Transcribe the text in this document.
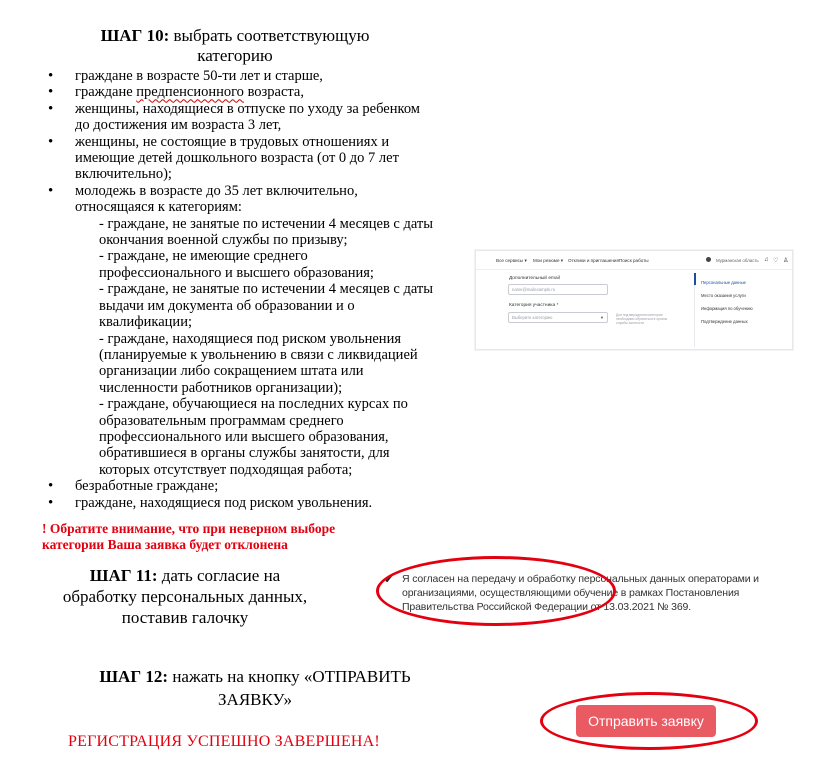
ШАГ 10: выбрать соответствующую
категорию
• граждане в возрасте 50-ти лет и старше,
• граждане предпенсионного возраста,
• женщины, находящиеся в отпуске по уходу за ребенком до достижения им возраста 3 лет,
• женщины, не состоящие в трудовых отношениях и имеющие детей дошкольного возраста (от 0 до 7 лет включительно);
• молодежь в возрасте до 35 лет включительно, относящаяся к категориям:
- граждане, не занятые по истечении 4 месяцев с даты окончания военной службы по призыву;
- граждане, не имеющие среднего профессионального и высшего образования;
- граждане, не занятые по истечении 4 месяцев с даты выдачи им документа об образовании и о квалификации;
- граждане, находящиеся под риском увольнения (планируемые к увольнению в связи с ликвидацией организации либо сокращением штата или численности работников организации);
- граждане, обучающиеся на последних курсах по образовательным программам среднего профессионального или высшего образования, обратившиеся в органы службы занятости, для которых отсутствует подходящая работа;
• безработные граждане;
• граждане, находящиеся под риском увольнения.
! Обратите внимание, что при неверном выборе категории Ваша заявка будет отклонена
Все сервисы ▾ Мои резюме ▾ Отклики и приглашения Поиск работы	Мурманская область ♫ ♡ ♙
Дополнительный email
name@mailexample.ru
Категория участника *
Выберите категорию	▼	Для подтверждения категории необходимо обратиться в органы службы занятости
Персональные данные
Место оказания услуги
Информация по обучению
Подтверждение данных
ШАГ 11: дать согласие на
обработку персональных данных,
поставив галочку
✔ Я согласен на передачу и обработку персональных данных операторами и организациями, осуществляющими обучение в рамках Постановления Правительства Российской Федерации от 13.03.2021 № 369.
ШАГ 12: нажать на кнопку «ОТПРАВИТЬ
ЗАЯВКУ»
Отправить заявку
РЕГИСТРАЦИЯ УСПЕШНО ЗАВЕРШЕНА!
